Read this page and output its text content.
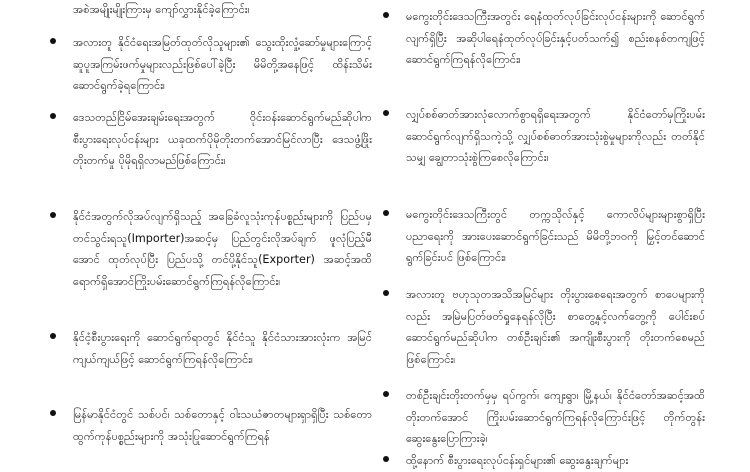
အစဲအမျိုးမျိုးကြားမှ ကျော်လွှားနိုင်ခဲ့ကြောင်း၊
အလားတူ နိုင်ငံရေးအမြတ်ထုတ်လိုသူများ၏ သွေးထိုးလှုံ့ဆော်မှုများကြောင့် ဆူပူအကြမ်းဖက်မှုများလည်းဖြစ်ပေါ်ခဲ့ပြီး မိမိတို့အနေဖြင့် ထိန်းသိမ်းဆောင်ရွက်ခဲ့ရကြောင်း၊
ဒေသတည်ငြိမ်အေးချမ်းရေးအတွက် ဝိုင်းဝန်းဆောင်ရွက်မည်ဆိုပါက စီးပွားရေးလုပ်ငန်းများ ယခုထက်ပိုမိုတိုးတက်အောင်မြင်လာပြီး ဒေသဖွံ့ဖြိုးတိုးတက်မှု ပိုမိုရရှိလာမည်ဖြစ်ကြောင်း၊
နိုင်ငံအတွက်လိုအပ်လျက်ရှိသည့် အခြေခံလူသုံးကုန်ပစ္စည်းများကို ပြည်ပမှ တင်သွင်းရသူ(Importer)အဆင့်မှ ပြည်တွင်းလိုအပ်ချက် ဖူလုံပြည့်မီအောင် ထုတ်လုပ်ပြီး ပြည်ပသို့ တင်ပို့နိုင်သူ(Exporter) အဆင့်အထိ ရောက်ရှိအောင်ကြိုးပမ်းဆောင်ရွက်ကြရန်လိုကြောင်း၊
နိုင်ငံ့စီးပွားရေးကို ဆောင်ရွက်ရာတွင် နိုင်ငံသူ နိုင်ငံသားအားလုံးက အမြင်ကျယ်ကျယ်ဖြင့် ဆောင်ရွက်ကြရန်လိုကြောင်း၊
မြန်မာနိုင်ငံတွင် သစ်ပင်၊ သစ်တောနှင့် ဝါးသယံဇာတများရှာရှိပြီး သစ်တောထွက်ကုန်ပစ္စည်းများကို အသုံးပြုဆောင်ရွက်ကြရန်
မကွေးတိုင်းဒေသကြီးအတွင်း ရေနံထုတ်လုပ်ခြင်းလုပ်ငန်းများကို ဆောင်ရွက်လျက်ရှိပြီး အဆိုပါရေနံထုတ်လုပ်ခြင်းနှင့်ပတ်သက်၍ စည်းစနစ်တကျဖြင့် ဆောင်ရွက်ကြရန်လိုကြောင်း၊
လျှပ်စစ်ဓာတ်အားလုံလောက်စွာရရှိရေးအတွက် နိုင်ငံတော်မှကြိုးပမ်းဆောင်ရွက်လျက်ရှိသကဲ့သို့ လျှပ်စစ်ဓာတ်အားသုံးစွဲမှုများကိုလည်း တတ်နိုင်သမျှ ချွေတာသုံးစွဲကြစေလိုကြောင်း၊
မကွေးတိုင်းဒေသကြီးတွင် တက္ကသိုလ်နှင့် ကောလိပ်များများစွာရှိပြီး ပညာရေးကို အားပေးဆောင်ရွက်ခြင်းသည် မိမိတို့ဘဝကို မြှင့်တင်ဆောင်ရွက်ခြင်းပင် ဖြစ်ကြောင်း၊
အလားတူ ဗဟုသုတအသိအမြင်များ တိုးပွားစေရေးအတွက် စာပေများကိုလည်း အမြဲမပြတ်ဖတ်ရှုနေရန်လိုပြီး စာတွေ့နှင့်လက်တွေ့ကို ပေါင်းစပ်ဆောင်ရွက်မည်ဆိုပါက တစ်ဦးချင်း၏ အကျိုးစီးပွားကို တိုးတက်စေမည်ဖြစ်ကြောင်း၊
တစ်ဦးချင်းတိုးတက်မှမှ ရပ်ကွက်၊ ကျေးရွာ၊ မြို့နယ်၊ နိုင်ငံတော်အဆင့်အထိ တိုးတက်အောင် ကြိုးပမ်းဆောင်ရွက်ကြရန်လိုကြောင်းဖြင့် တိုက်တွန်းဆွေးနွေးပြောကြားခဲ့၊
ထို့နောက် စီးပွားရေးလုပ်ငန်းရှင်များ၏ ဆွေးနွေးချက်များ
